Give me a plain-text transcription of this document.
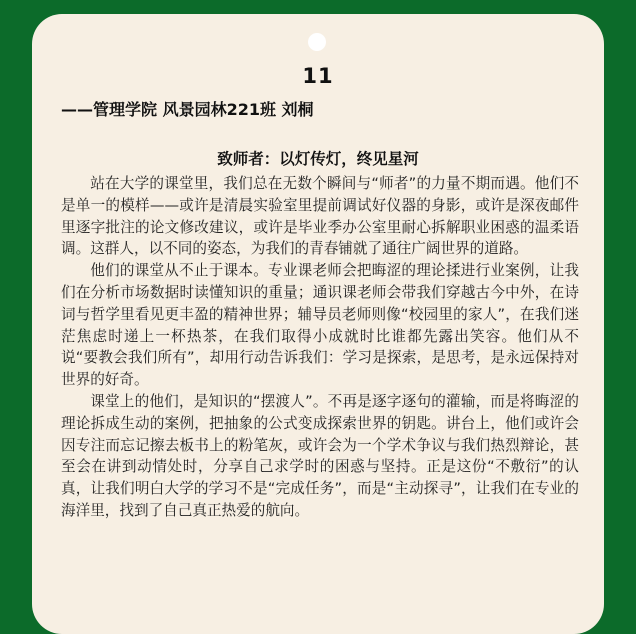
11
——管理学院 风景园林221班 刘桐
致师者：以灯传灯，终见星河

站在大学的课堂里，我们总在无数个瞬间与“师者”的力量不期而遇。他们不是单一的模样——或许是清晨实验室里提前调试好仪器的身影，或许是深夜邮件里逐字批注的论文修改建议，或许是毕业季办公室里耐心拆解职业困惑的温柔语调。这群人，以不同的姿态，为我们的青春铺就了通往广阔世界的道路。

他们的课堂从不止于课本。专业课老师会把晦涩的理论揉进行业案例，让我们在分析市场数据时读懂知识的重量；通识课老师会带我们穿越古今中外，在诗词与哲学里看见更丰盈的精神世界；辅导员老师则像“校园里的家人”，在我们迷茫焦虑时递上一杯热茶，在我们取得小成就时比谁都先露出笑容。他们从不说“要教会我们所有”，却用行动告诉我们：学习是探索，是思考，是永远保持对世界的好奇。

课堂上的他们，是知识的“摆渡人”。不再是逐字逐句的灌输，而是将晦涩的理论拆成生动的案例，把抽象的公式变成探索世界的钥匙。讲台上，他们或许会因专注而忘记擦去板书上的粉笔灰，或许会为一个学术争议与我们热烈辩论，甚至会在讲到动情处时，分享自己求学时的困惑与坚持。正是这份“不敷衍”的认真，让我们明白大学的学习不是“完成任务”，而是“主动探寻”，让我们在专业的海洋里，找到了自己真正热爱的航向。
